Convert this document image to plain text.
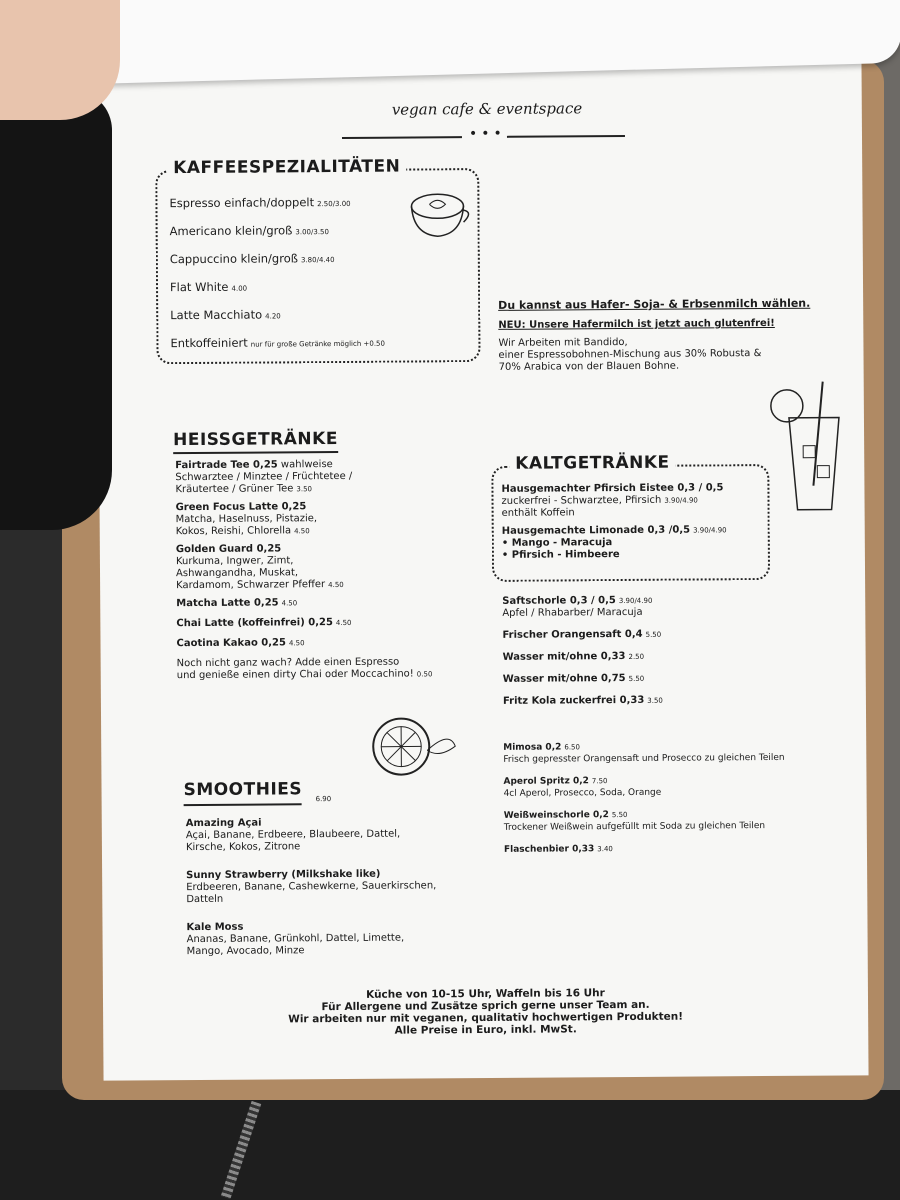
vegan cafe & eventspace
•••
KAFFEESPEZIALITÄTEN
Espresso einfach/doppelt 2.50/3.00
Americano klein/groß 3.00/3.50
Cappuccino klein/groß 3.80/4.40
Flat White 4.00
Latte Macchiato 4.20
Entkoffeiniert nur für große Getränke möglich +0.50
Du kannst aus Hafer- Soja- & Erbsenmilch wählen.
NEU: Unsere Hafermilch ist jetzt auch glutenfrei!
Wir Arbeiten mit Bandido,
einer Espressobohnen-Mischung aus 30% Robusta &
70% Arabica von der Blauen Bohne.
HEISSGETRÄNKE
Fairtrade Tee 0,25 wahlweise
Schwarztee / Minztee / Früchtetee /
Kräutertee / Grüner Tee 3.50
Green Focus Latte 0,25
Matcha, Haselnuss, Pistazie,
Kokos, Reishi, Chlorella 4.50
Golden Guard 0,25
Kurkuma, Ingwer, Zimt,
Ashwangandha, Muskat,
Kardamom, Schwarzer Pfeffer 4.50
Matcha Latte 0,25 4.50
Chai Latte (koffeinfrei) 0,25 4.50
Caotina Kakao 0,25 4.50
Noch nicht ganz wach? Adde einen Espresso
und genieße einen dirty Chai oder Moccachino! 0.50
KALTGETRÄNKE
Hausgemachter Pfirsich Eistee 0,3 / 0,5
zuckerfrei - Schwarztee, Pfirsich 3.90/4.90
enthält Koffein
Hausgemachte Limonade 0,3 /0,5 3.90/4.90
• Mango - Maracuja
• Pfirsich - Himbeere
Saftschorle 0,3 / 0,5 3.90/4.90
Apfel / Rhabarber/ Maracuja
Frischer Orangensaft 0,4 5.50
Wasser mit/ohne 0,33 2.50
Wasser mit/ohne 0,75 5.50
Fritz Kola zuckerfrei 0,33 3.50
Mimosa 0,2 6.50
Frisch gepresster Orangensaft und Prosecco zu gleichen Teilen
Aperol Spritz 0,2 7.50
4cl Aperol, Prosecco, Soda, Orange
Weißweinschorle 0,2 5.50
Trockener Weißwein aufgefüllt mit Soda zu gleichen Teilen
Flaschenbier 0,33 3.40
SMOOTHIES 6.90
Amazing Açai
Açai, Banane, Erdbeere, Blaubeere, Dattel,
Kirsche, Kokos, Zitrone
Sunny Strawberry (Milkshake like)
Erdbeeren, Banane, Cashewkerne, Sauerkirschen,
Datteln
Kale Moss
Ananas, Banane, Grünkohl, Dattel, Limette,
Mango, Avocado, Minze
Küche von 10-15 Uhr, Waffeln bis 16 Uhr
Für Allergene und Zusätze sprich gerne unser Team an.
Wir arbeiten nur mit veganen, qualitativ hochwertigen Produkten!
Alle Preise in Euro, inkl. MwSt.
